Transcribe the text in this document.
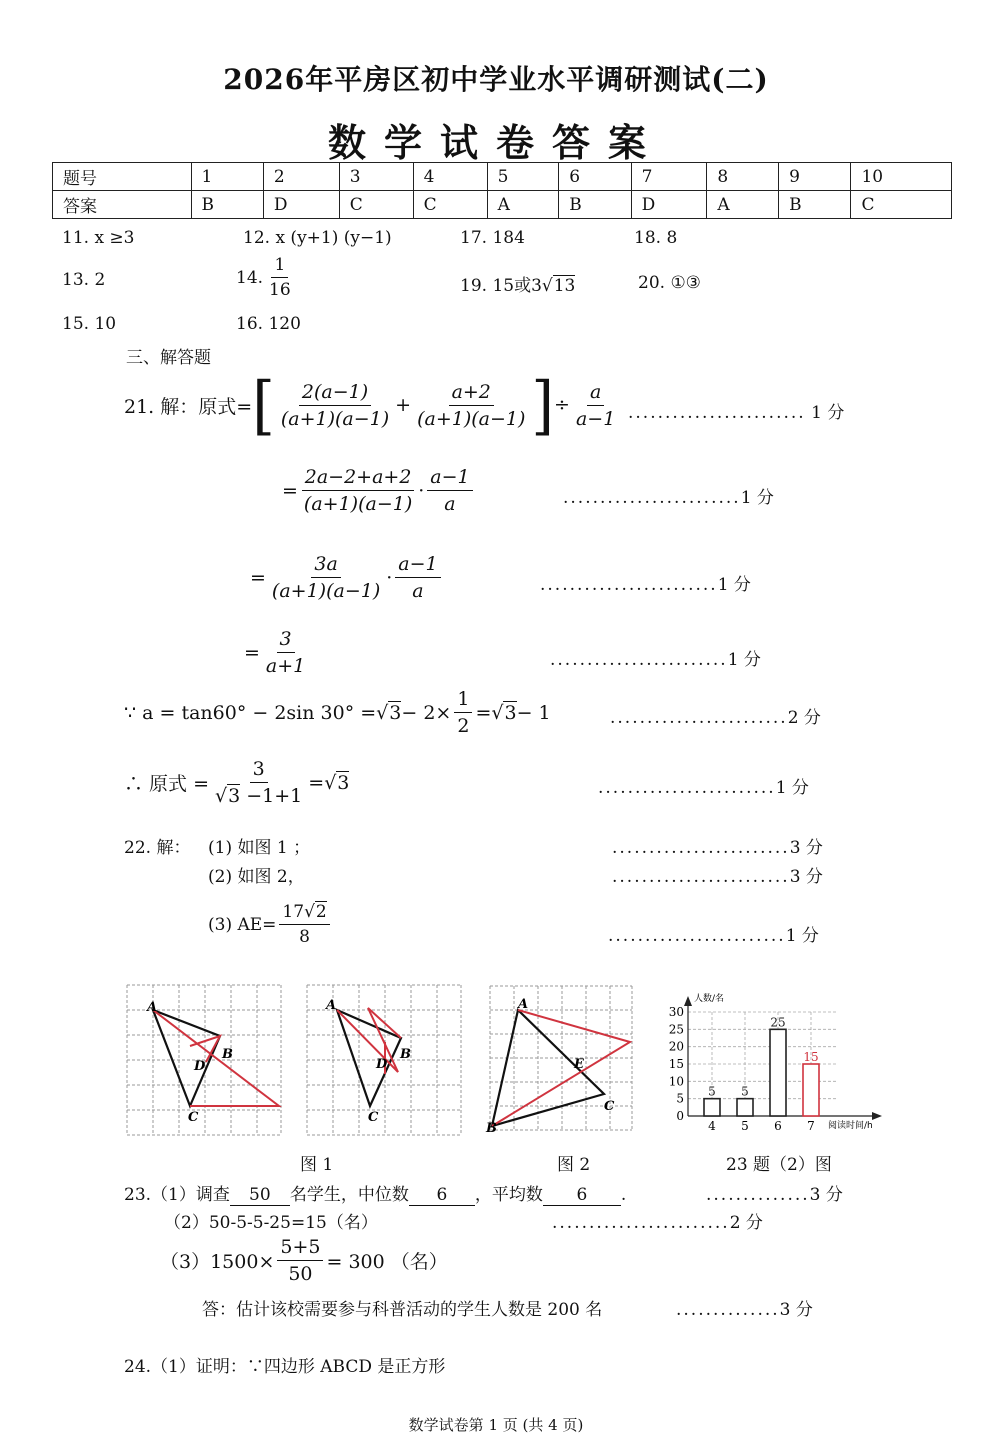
2026年平房区初中学业水平调研测试(二)
数学试卷答案
题号	1	2	3	4	5	6	7	8	9	10
答案	B	D	C	C	A	B	D	A	B	C
11. x ≥3	12. x (y+1) (y−1)	17. 184	18. 8
13. 2	14. $\frac{1}{16}$	19. 15或3√13	20. ①③
15. 10	16. 120
三、解答题
21. 解：原式= [ $\frac{2(a-1)}{(a+1)(a-1)} + \frac{a+2}{(a+1)(a-1)}$ ] ÷ $\frac{a}{a-1}$ ........................ 1 分
= $\frac{2a-2+a+2}{(a+1)(a-1)} \cdot \frac{a-1}{a}$	........................1 分
= $\frac{3a}{(a+1)(a-1)} \cdot \frac{a-1}{a}$	........................1 分
= $\frac{3}{a+1}$	........................1 分
∵ a = tan60° − 2sin 30° = √ $3 - 2\times \frac{1}{2}$ = √ 3 − 1	........................2 分
∴ 原式 = $\frac{3}{√3 -1+1}$ = √ 3	........................1 分
22. 解： (1) 如图 1 ；	........................3 分
(2) 如图 2，	........................3 分
(3) $AE= \frac{17√2}{8}$	........................1 分
A
B
C
D
A
B
C
D
A
C
B
E
人数/名
阅读时间/h
0
5
10
15
20
25
30
5
4
5
5
25
6
15
7
图 1	图 2	23 题（2）图
23.（1）调查 50 名学生，中位数 6 ，平均数 6 .	..............3 分
（2）50-5-5-25=15（名）	........................2 分
$(3)1500\times \frac{5+5}{50} = 300$ （名）
答：估计该校需要参与科普活动的学生人数是 200 名	..............3 分
24.（1）证明：∵四边形 ABCD 是正方形
数学试卷第 1 页 (共 4 页)
